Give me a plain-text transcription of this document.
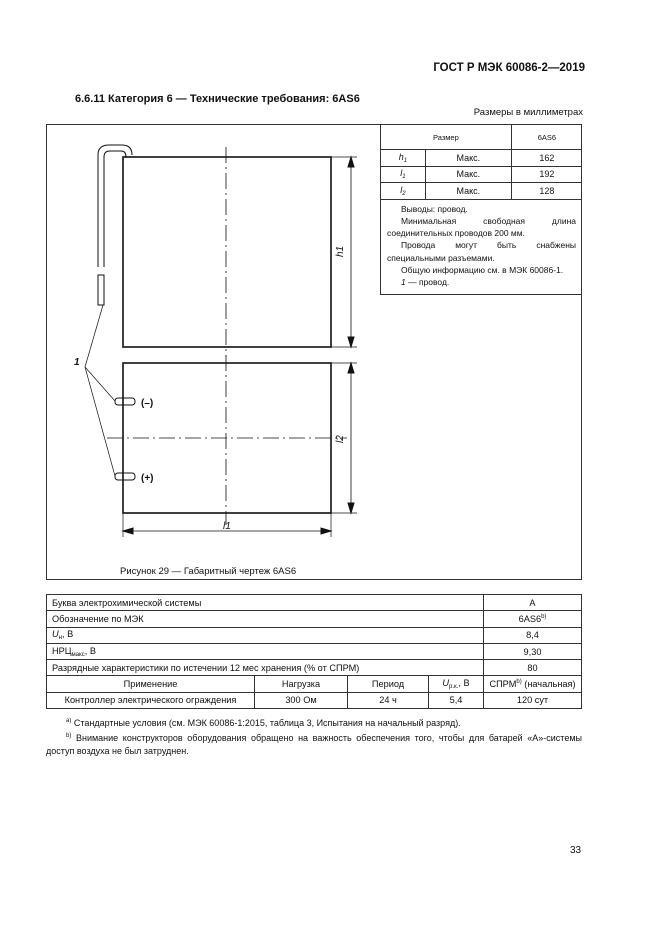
ГОСТ Р МЭК 60086-2—2019
6.6.11 Категория 6 — Технические требования: 6AS6
Размеры в миллиметрах
1
(–)
(+)
h1
l2
l1
Размер		6AS6
$h_1$	Макс.	162
$l_1$	Макс.	192
$l_2$	Макс.	128

Выводы: провод.

Минимальная свободная длина соединительных проводов 200 мм.

Провода могут быть снабжены специальными разъемами.

Общую информацию см. в МЭК 60086-1.

1 — провод.

Рисунок 29 — Габаритный чертеж 6AS6
Буква электрохимической системы				A
Обозначение по МЭК				6AS6$^{b)}$
$U_н$, В				8,4
$НРЦ_{макс}$, В				9,30
Разрядные характеристики по истечении 12 мес хранения (% от СПРМ)				80
Применение	Нагрузка	Период	$U_{р.к.}$, В	СПРМ$^{b)}$ (начальная)
Контроллер электрического ограждения	300 Ом	24 ч	5,4	120 сут

$^{a)}$ Стандартные условия (см. МЭК 60086-1:2015, таблица 3, Испытания на начальный разряд).

$^{b)}$ Внимание конструкторов оборудования обращено на важность обеспечения того, чтобы для батарей «А»-системы доступ воздуха не был затруднен.

33
